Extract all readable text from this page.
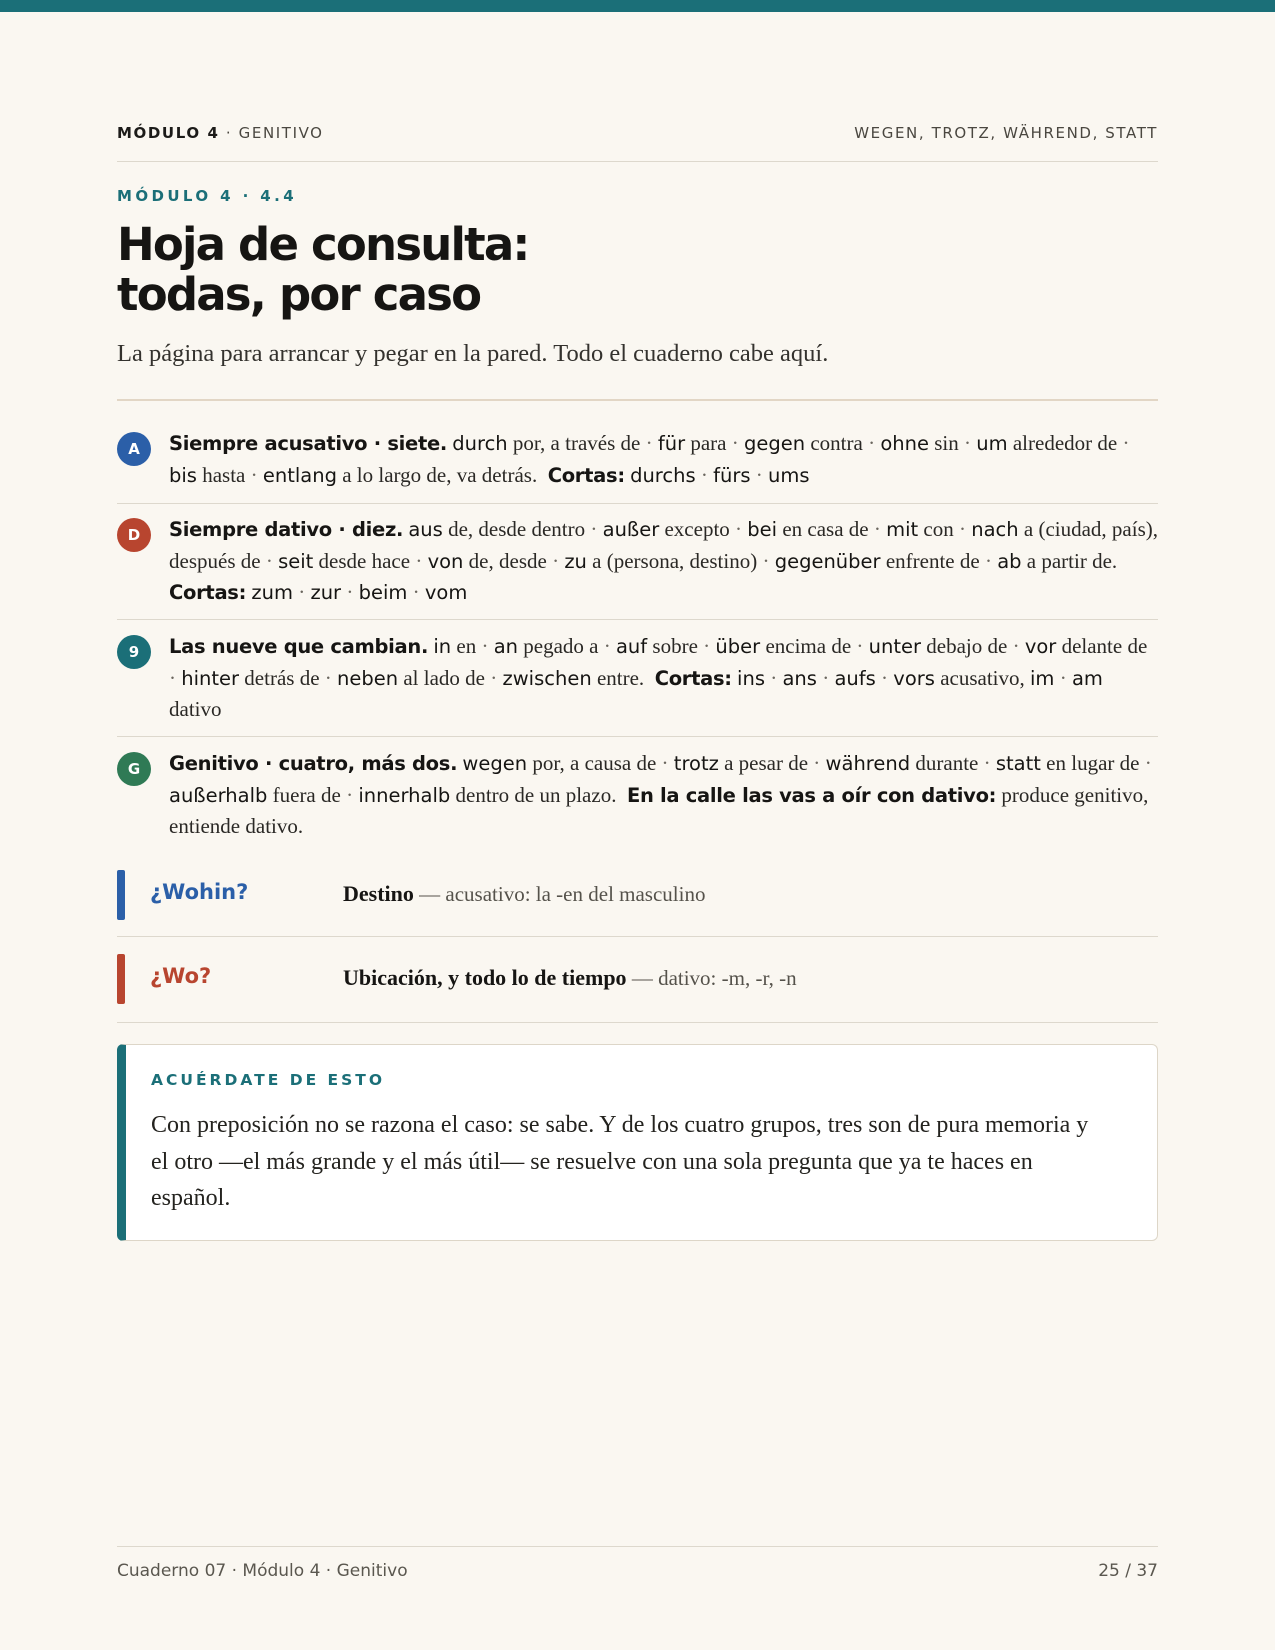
MÓDULO 4 · GENITIVO	WEGEN, TROTZ, WÄHREND, STATT
MÓDULO 4 · 4.4
Hoja de consulta:
todas, por caso

La página para arrancar y pegar en la pared. Todo el cuaderno cabe aquí.

A	Siempre acusativo · siete. durch por, a través de · für para · gegen contra · ohne sin · um alrededor de · bis hasta · entlang a lo largo de, va detrás. Cortas: durchs · fürs · ums
D	Siempre dativo · diez. aus de, desde dentro · außer excepto · bei en casa de · mit con · nach a (ciudad, país), después de · seit desde hace · von de, desde · zu a (persona, destino) · gegenüber enfrente de · ab a partir de.  Cortas: zum · zur · beim · vom
9	Las nueve que cambian. in en · an pegado a · auf sobre · über encima de · unter debajo de · vor delante de · hinter detrás de · neben al lado de · zwischen entre. Cortas: ins · ans · aufs · vors acusativo, im · am dativo
G	Genitivo · cuatro, más dos. wegen por, a causa de · trotz a pesar de · während durante · statt en lugar de · außerhalb fuera de · innerhalb dentro de un plazo. En la calle las vas a oír con dativo: produce genitivo, entiende dativo.
¿Wohin?	Destino — acusativo: la -en del masculino
¿Wo?	Ubicación, y todo lo de tiempo — dativo: -m, -r, -n
ACUÉRDATE DE ESTO

Con preposición no se razona el caso: se sabe. Y de los cuatro grupos, tres son de pura memoria y el otro —el más grande y el más útil— se resuelve con una sola pregunta que ya te haces en español.

Cuaderno 07 · Módulo 4 · Genitivo	25 / 37
